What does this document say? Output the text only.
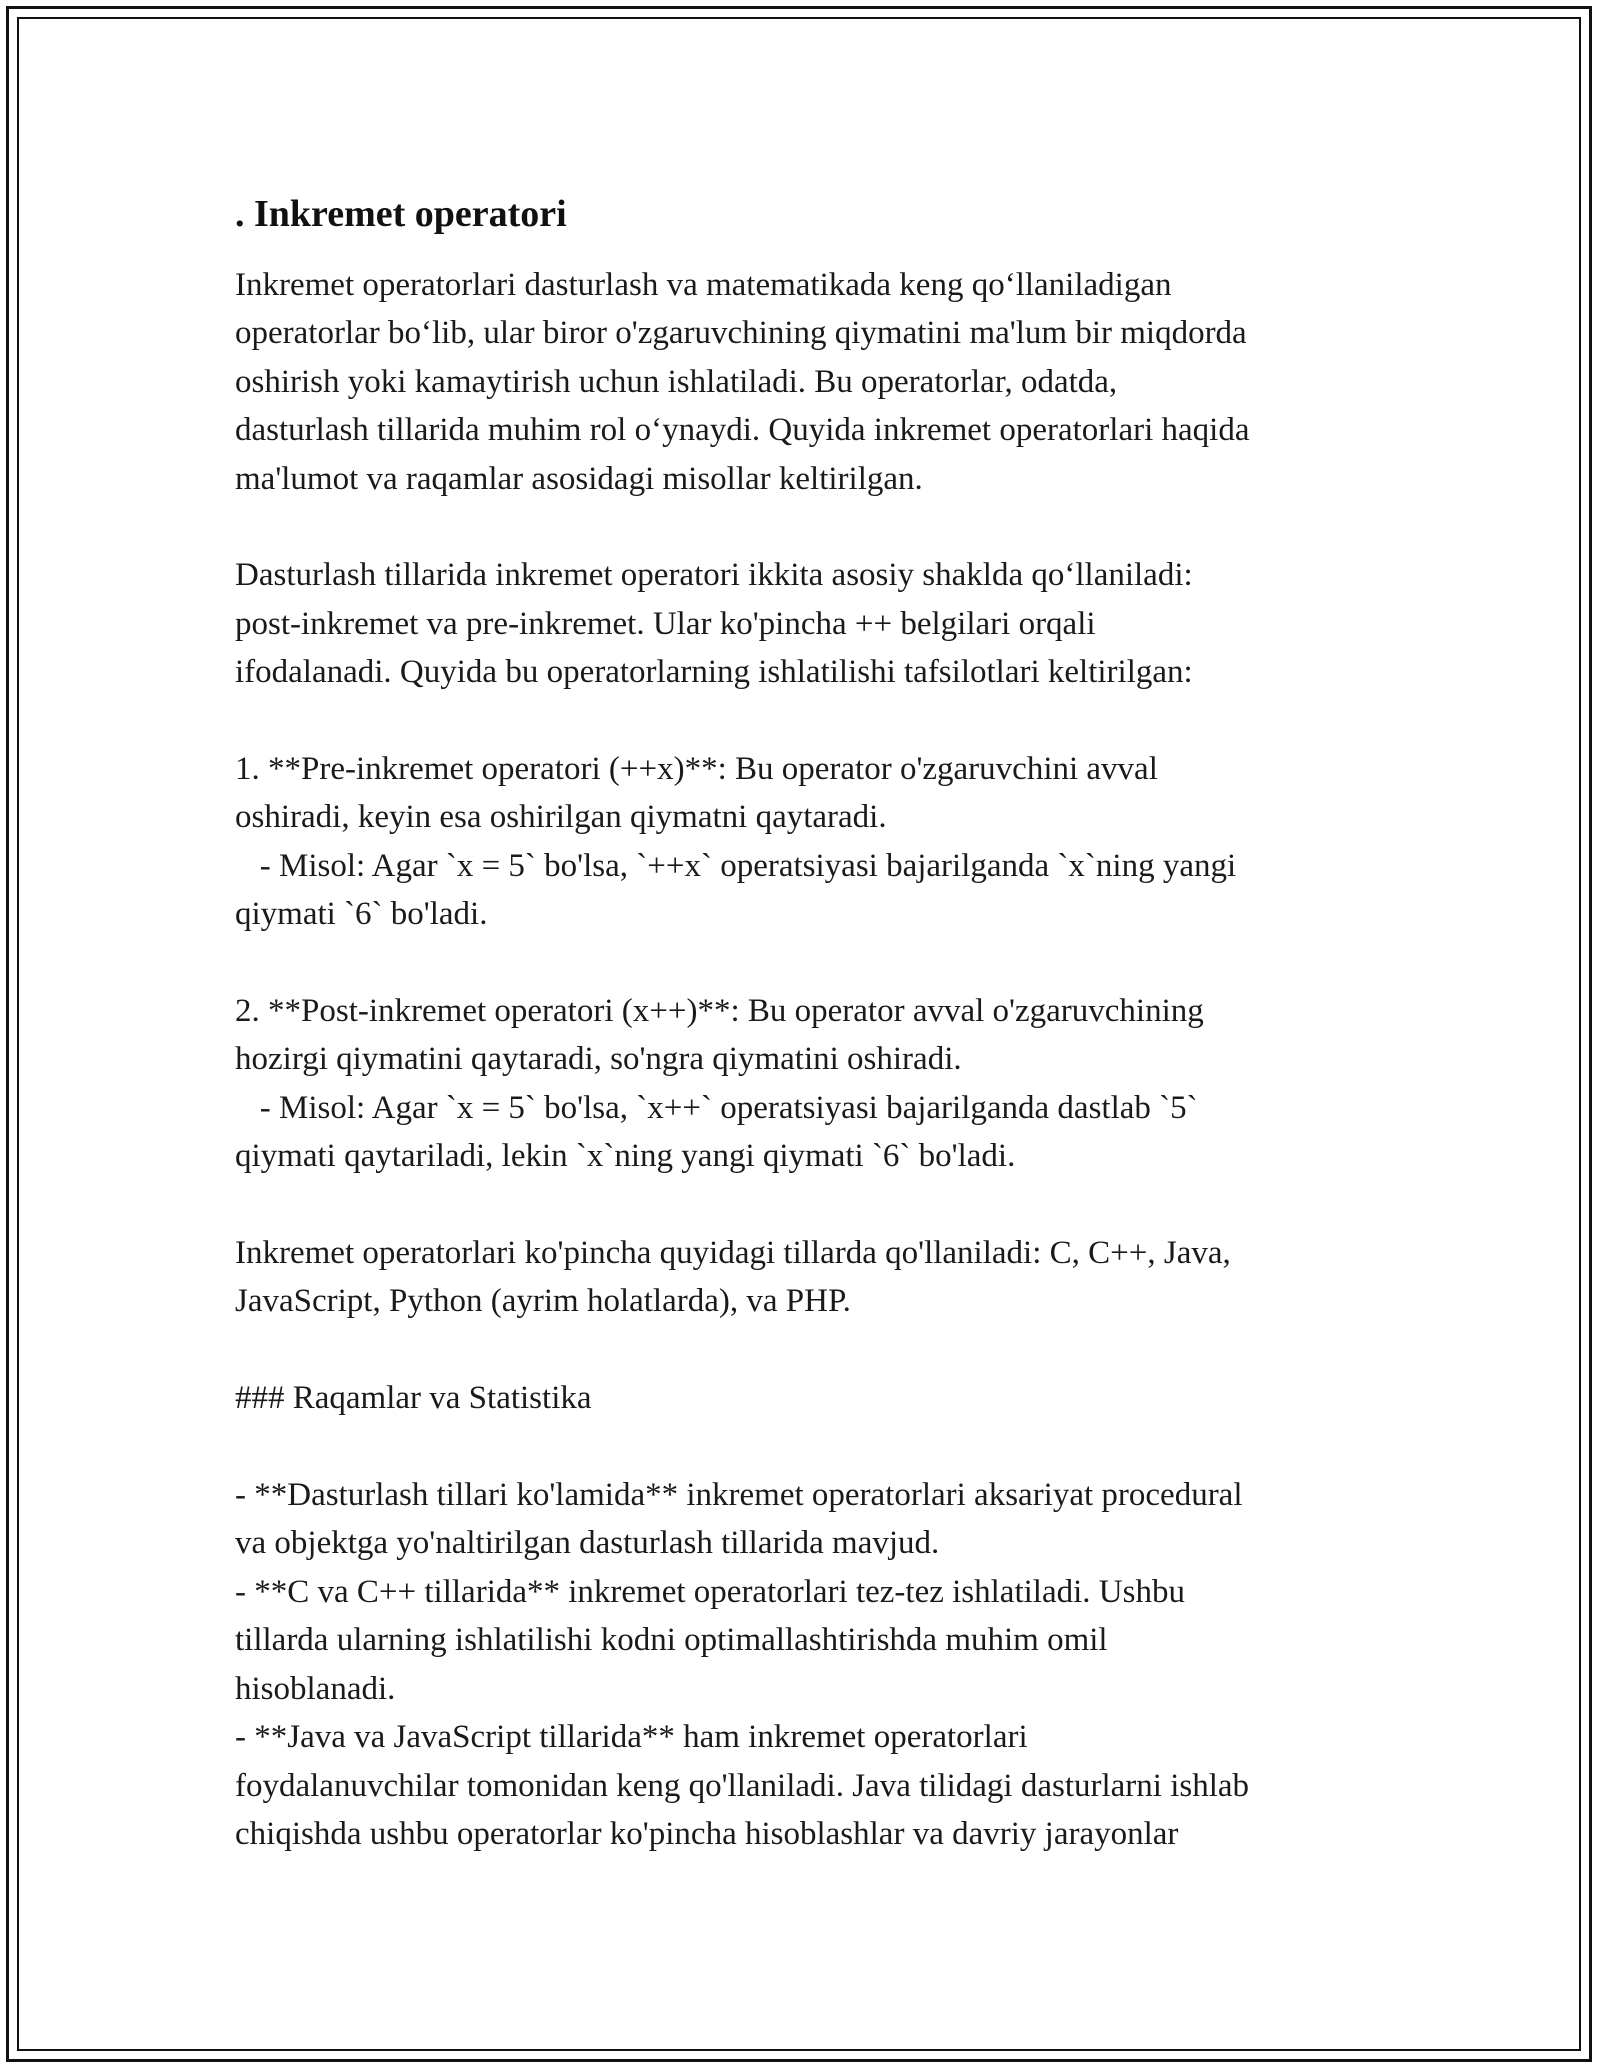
. Inkremet operatori
Inkremet operatorlari dasturlash va matematikada keng qo‘llaniladigan
operatorlar bo‘lib, ular biror o'zgaruvchining qiymatini ma'lum bir miqdorda
oshirish yoki kamaytirish uchun ishlatiladi. Bu operatorlar, odatda,
dasturlash tillarida muhim rol o‘ynaydi. Quyida inkremet operatorlari haqida
ma'lumot va raqamlar asosidagi misollar keltirilgan.
Dasturlash tillarida inkremet operatori ikkita asosiy shaklda qo‘llaniladi:
post-inkremet va pre-inkremet. Ular ko'pincha ++ belgilari orqali
ifodalanadi. Quyida bu operatorlarning ishlatilishi tafsilotlari keltirilgan:
1. **Pre-inkremet operatori (++x)**: Bu operator o'zgaruvchini avval
oshiradi, keyin esa oshirilgan qiymatni qaytaradi.
- Misol: Agar `x = 5` bo'lsa, `++x` operatsiyasi bajarilganda `x`ning yangi
qiymati `6` bo'ladi.
2. **Post-inkremet operatori (x++)**: Bu operator avval o'zgaruvchining
hozirgi qiymatini qaytaradi, so'ngra qiymatini oshiradi.
- Misol: Agar `x = 5` bo'lsa, `x++` operatsiyasi bajarilganda dastlab `5`
qiymati qaytariladi, lekin `x`ning yangi qiymati `6` bo'ladi.
Inkremet operatorlari ko'pincha quyidagi tillarda qo'llaniladi: C, C++, Java,
JavaScript, Python (ayrim holatlarda), va PHP.
### Raqamlar va Statistika
- **Dasturlash tillari ko'lamida** inkremet operatorlari aksariyat procedural
va objektga yo'naltirilgan dasturlash tillarida mavjud.
- **C va C++ tillarida** inkremet operatorlari tez-tez ishlatiladi. Ushbu
tillarda ularning ishlatilishi kodni optimallashtirishda muhim omil
hisoblanadi.
- **Java va JavaScript tillarida** ham inkremet operatorlari
foydalanuvchilar tomonidan keng qo'llaniladi. Java tilidagi dasturlarni ishlab
chiqishda ushbu operatorlar ko'pincha hisoblashlar va davriy jarayonlar
